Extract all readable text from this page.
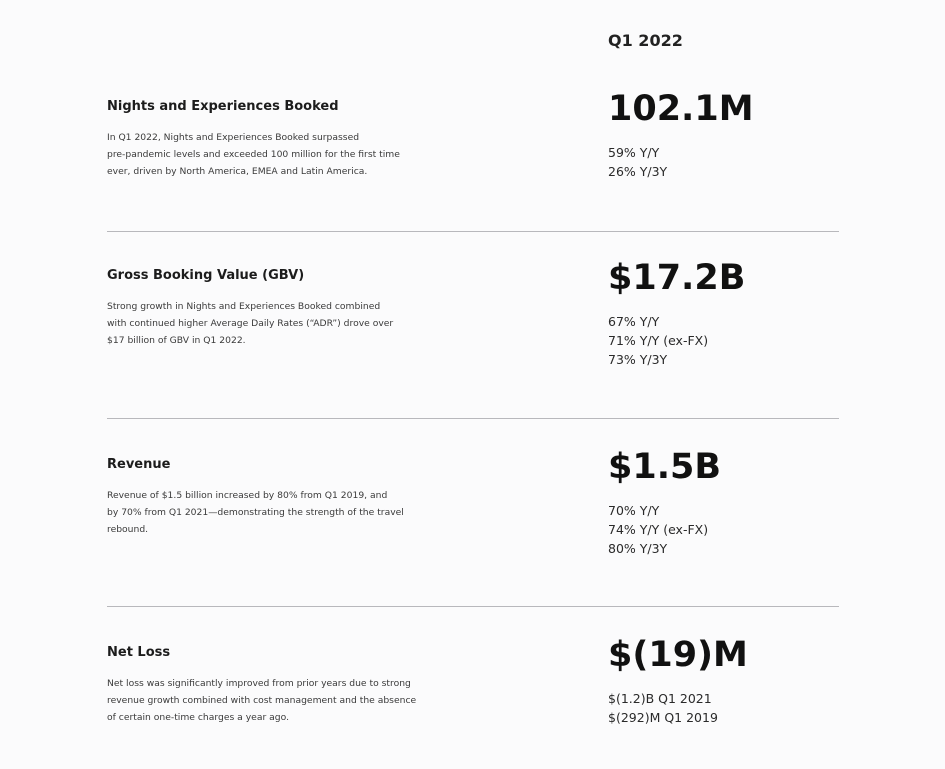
Q1 2022
Nights and Experiences Booked
In Q1 2022, Nights and Experiences Booked surpassed
pre-pandemic levels and exceeded 100 million for the first time
ever, driven by North America, EMEA and Latin America.
102.1M
59% Y/Y
26% Y/3Y
Gross Booking Value (GBV)
Strong growth in Nights and Experiences Booked combined
with continued higher Average Daily Rates (“ADR”) drove over
$17 billion of GBV in Q1 2022.
$17.2B
67% Y/Y
71% Y/Y (ex-FX)
73% Y/3Y
Revenue
Revenue of $1.5 billion increased by 80% from Q1 2019, and
by 70% from Q1 2021—demonstrating the strength of the travel
rebound.
$1.5B
70% Y/Y
74% Y/Y (ex-FX)
80% Y/3Y
Net Loss
Net loss was significantly improved from prior years due to strong
revenue growth combined with cost management and the absence
of certain one-time charges a year ago.
$(19)M
$(1.2)B Q1 2021
$(292)M Q1 2019
